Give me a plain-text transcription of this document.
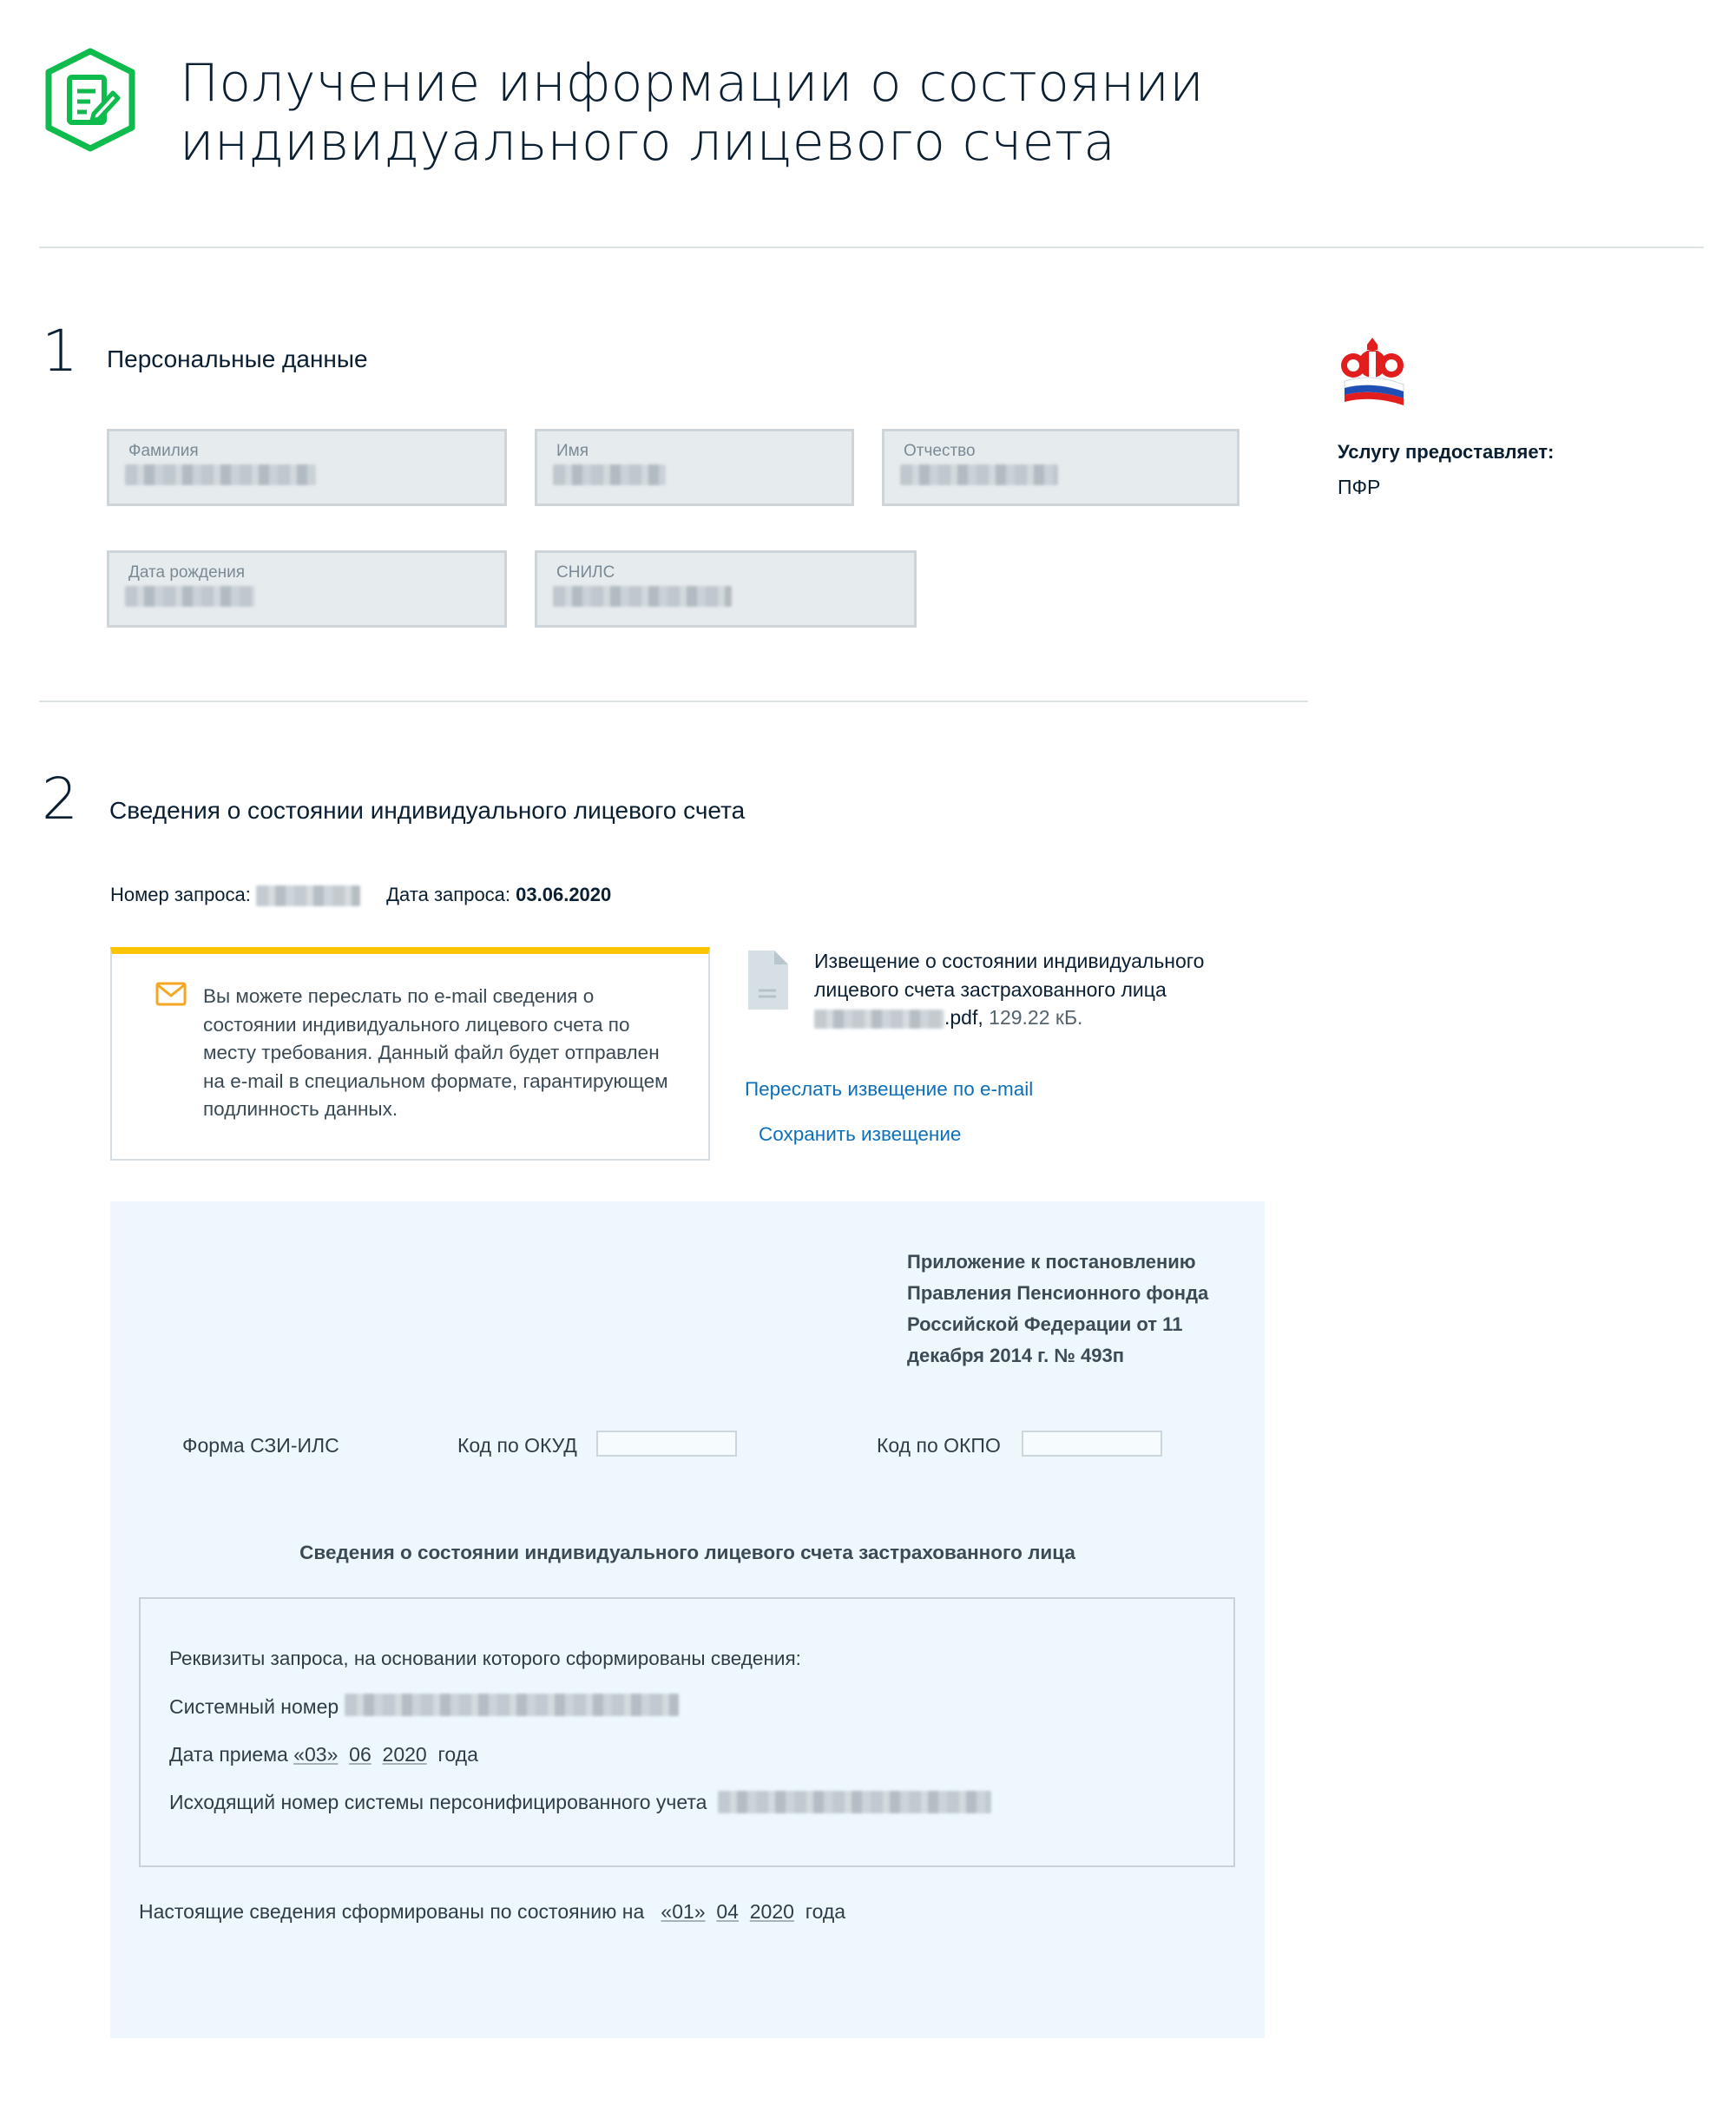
Получение информации о состоянии индивидуального лицевого счета
1 Персональные данные
Фамилия	Имя	Отчество
Дата рождения	СНИЛС
Услугу предоставляет:
ПФР
2 Сведения о состоянии индивидуального лицевого счета
Номер запроса:	Дата запроса: 03.06.2020
Вы можете переслать по e-mail сведения о состоянии индивидуального лицевого счета по месту требования. Данный файл будет отправлен на e-mail в специальном формате, гарантирующем подлинность данных.
Извещение о состоянии индивидуального лицевого счета застрахованного лица
.pdf, 129.22 кБ.
Переслать извещение по e-mail
Сохранить извещение
Приложение к постановлению Правления Пенсионного фонда Российской Федерации от 11 декабря 2014 г. № 493п
Форма СЗИ-ИЛС	Код по ОКУД	Код по ОКПО
Сведения о состоянии индивидуального лицевого счета застрахованного лица
Реквизиты запроса, на основании которого сформированы сведения:
Системный номер
Дата приема «03» 06 2020 года
Исходящий номер системы персонифицированного учета
Настоящие сведения сформированы по состоянию на «01» 04 2020 года
